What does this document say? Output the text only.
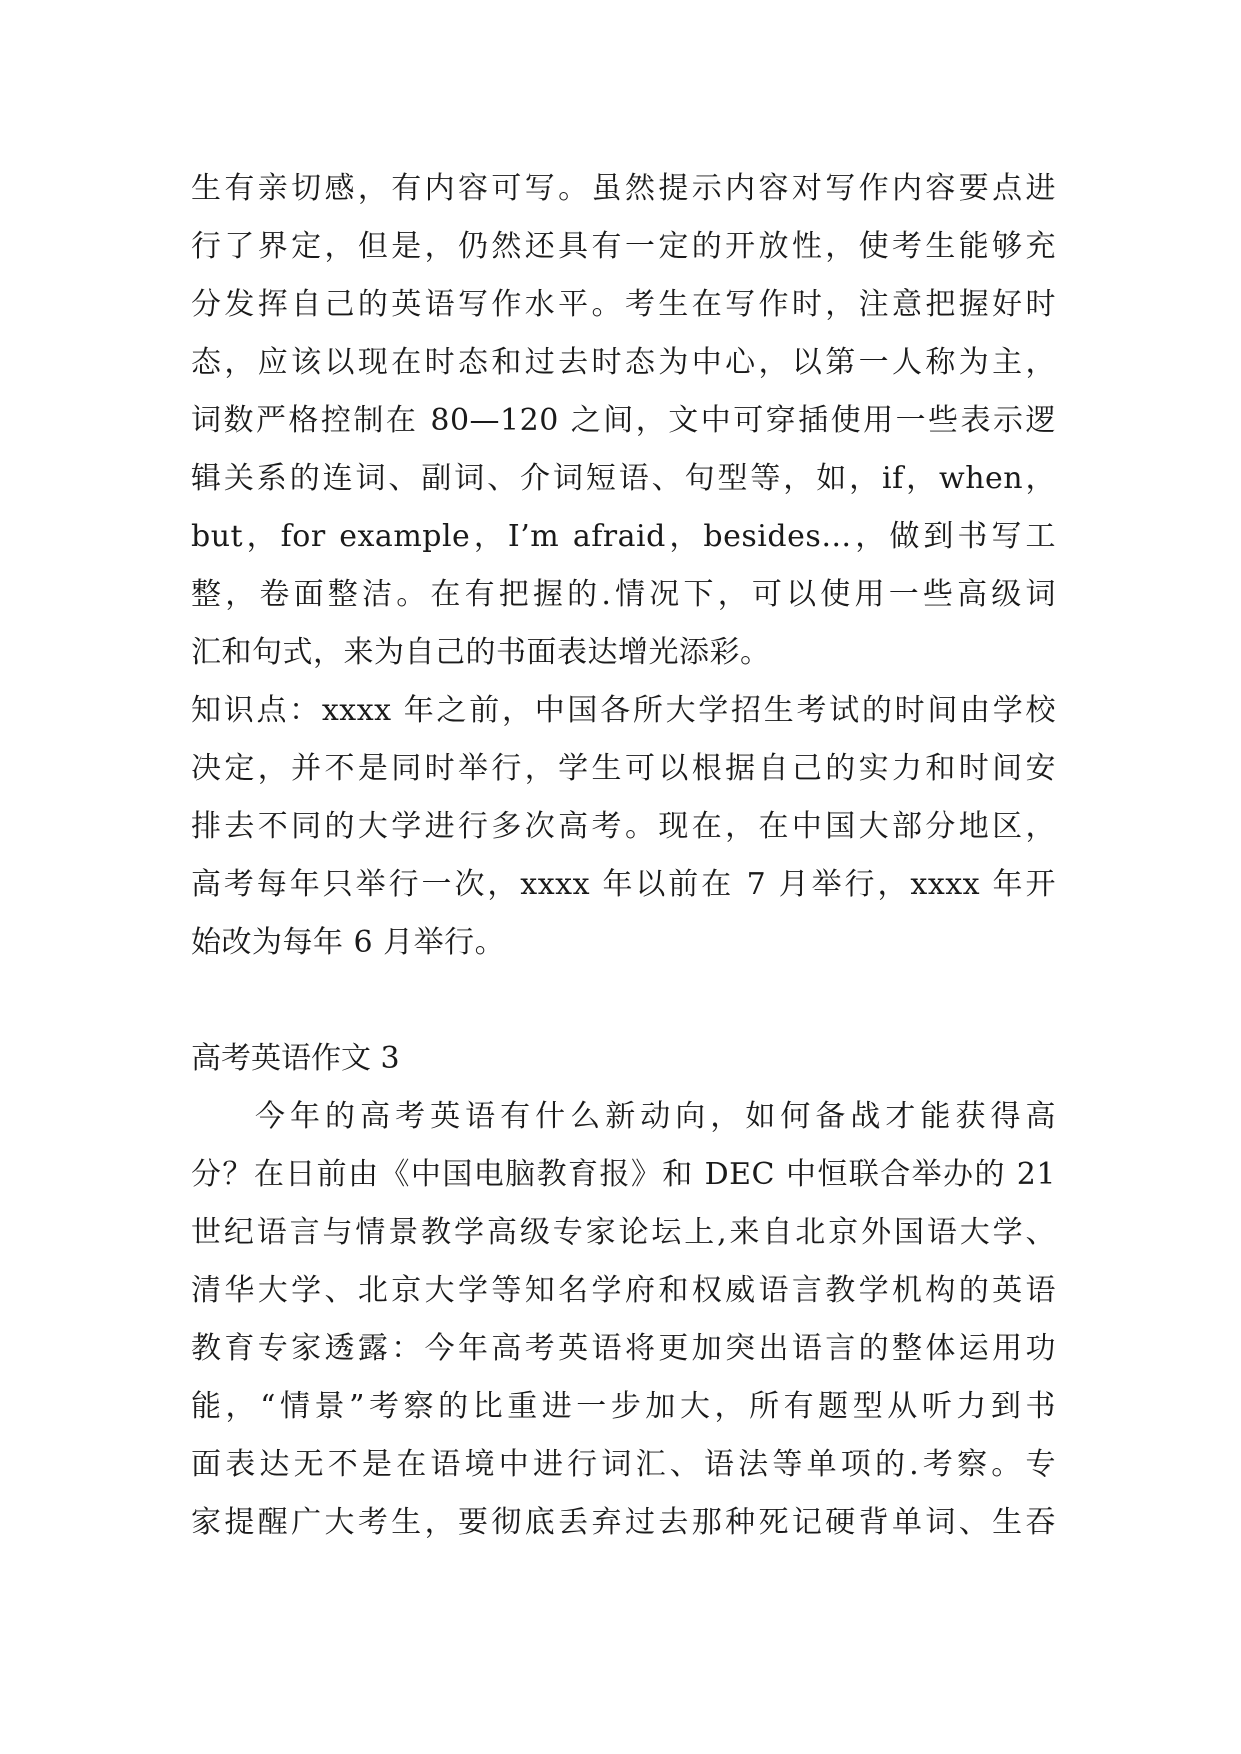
生有亲切感，有内容可写。虽然提示内容对写作内容要点进
行了界定，但是，仍然还具有一定的开放性，使考生能够充
分发挥自己的英语写作水平。考生在写作时，注意把握好时
态，应该以现在时态和过去时态为中心，以第一人称为主，
词数严格控制在 80—120 之间，文中可穿插使用一些表示逻
辑关系的连词、副词、介词短语、句型等，如，if，when，
but，for example，I’m afraid，besides…，做到书写工
整，卷面整洁。在有把握的.情况下，可以使用一些高级词
汇和句式，来为自己的书面表达增光添彩。
知识点：xxxx 年之前，中国各所大学招生考试的时间由学校
决定，并不是同时举行，学生可以根据自己的实力和时间安
排去不同的大学进行多次高考。现在，在中国大部分地区，
高考每年只举行一次，xxxx 年以前在 7 月举行，xxxx 年开
始改为每年 6 月举行。
高考英语作文 3
今年的高考英语有什么新动向，如何备战才能获得高
分？在日前由《中国电脑教育报》和 DEC 中恒联合举办的 21
世纪语言与情景教学高级专家论坛上,来自北京外国语大学、
清华大学、北京大学等知名学府和权威语言教学机构的英语
教育专家透露：今年高考英语将更加突出语言的整体运用功
能，“情景”考察的比重进一步加大，所有题型从听力到书
面表达无不是在语境中进行词汇、语法等单项的.考察。专
家提醒广大考生，要彻底丢弃过去那种死记硬背单词、生吞
